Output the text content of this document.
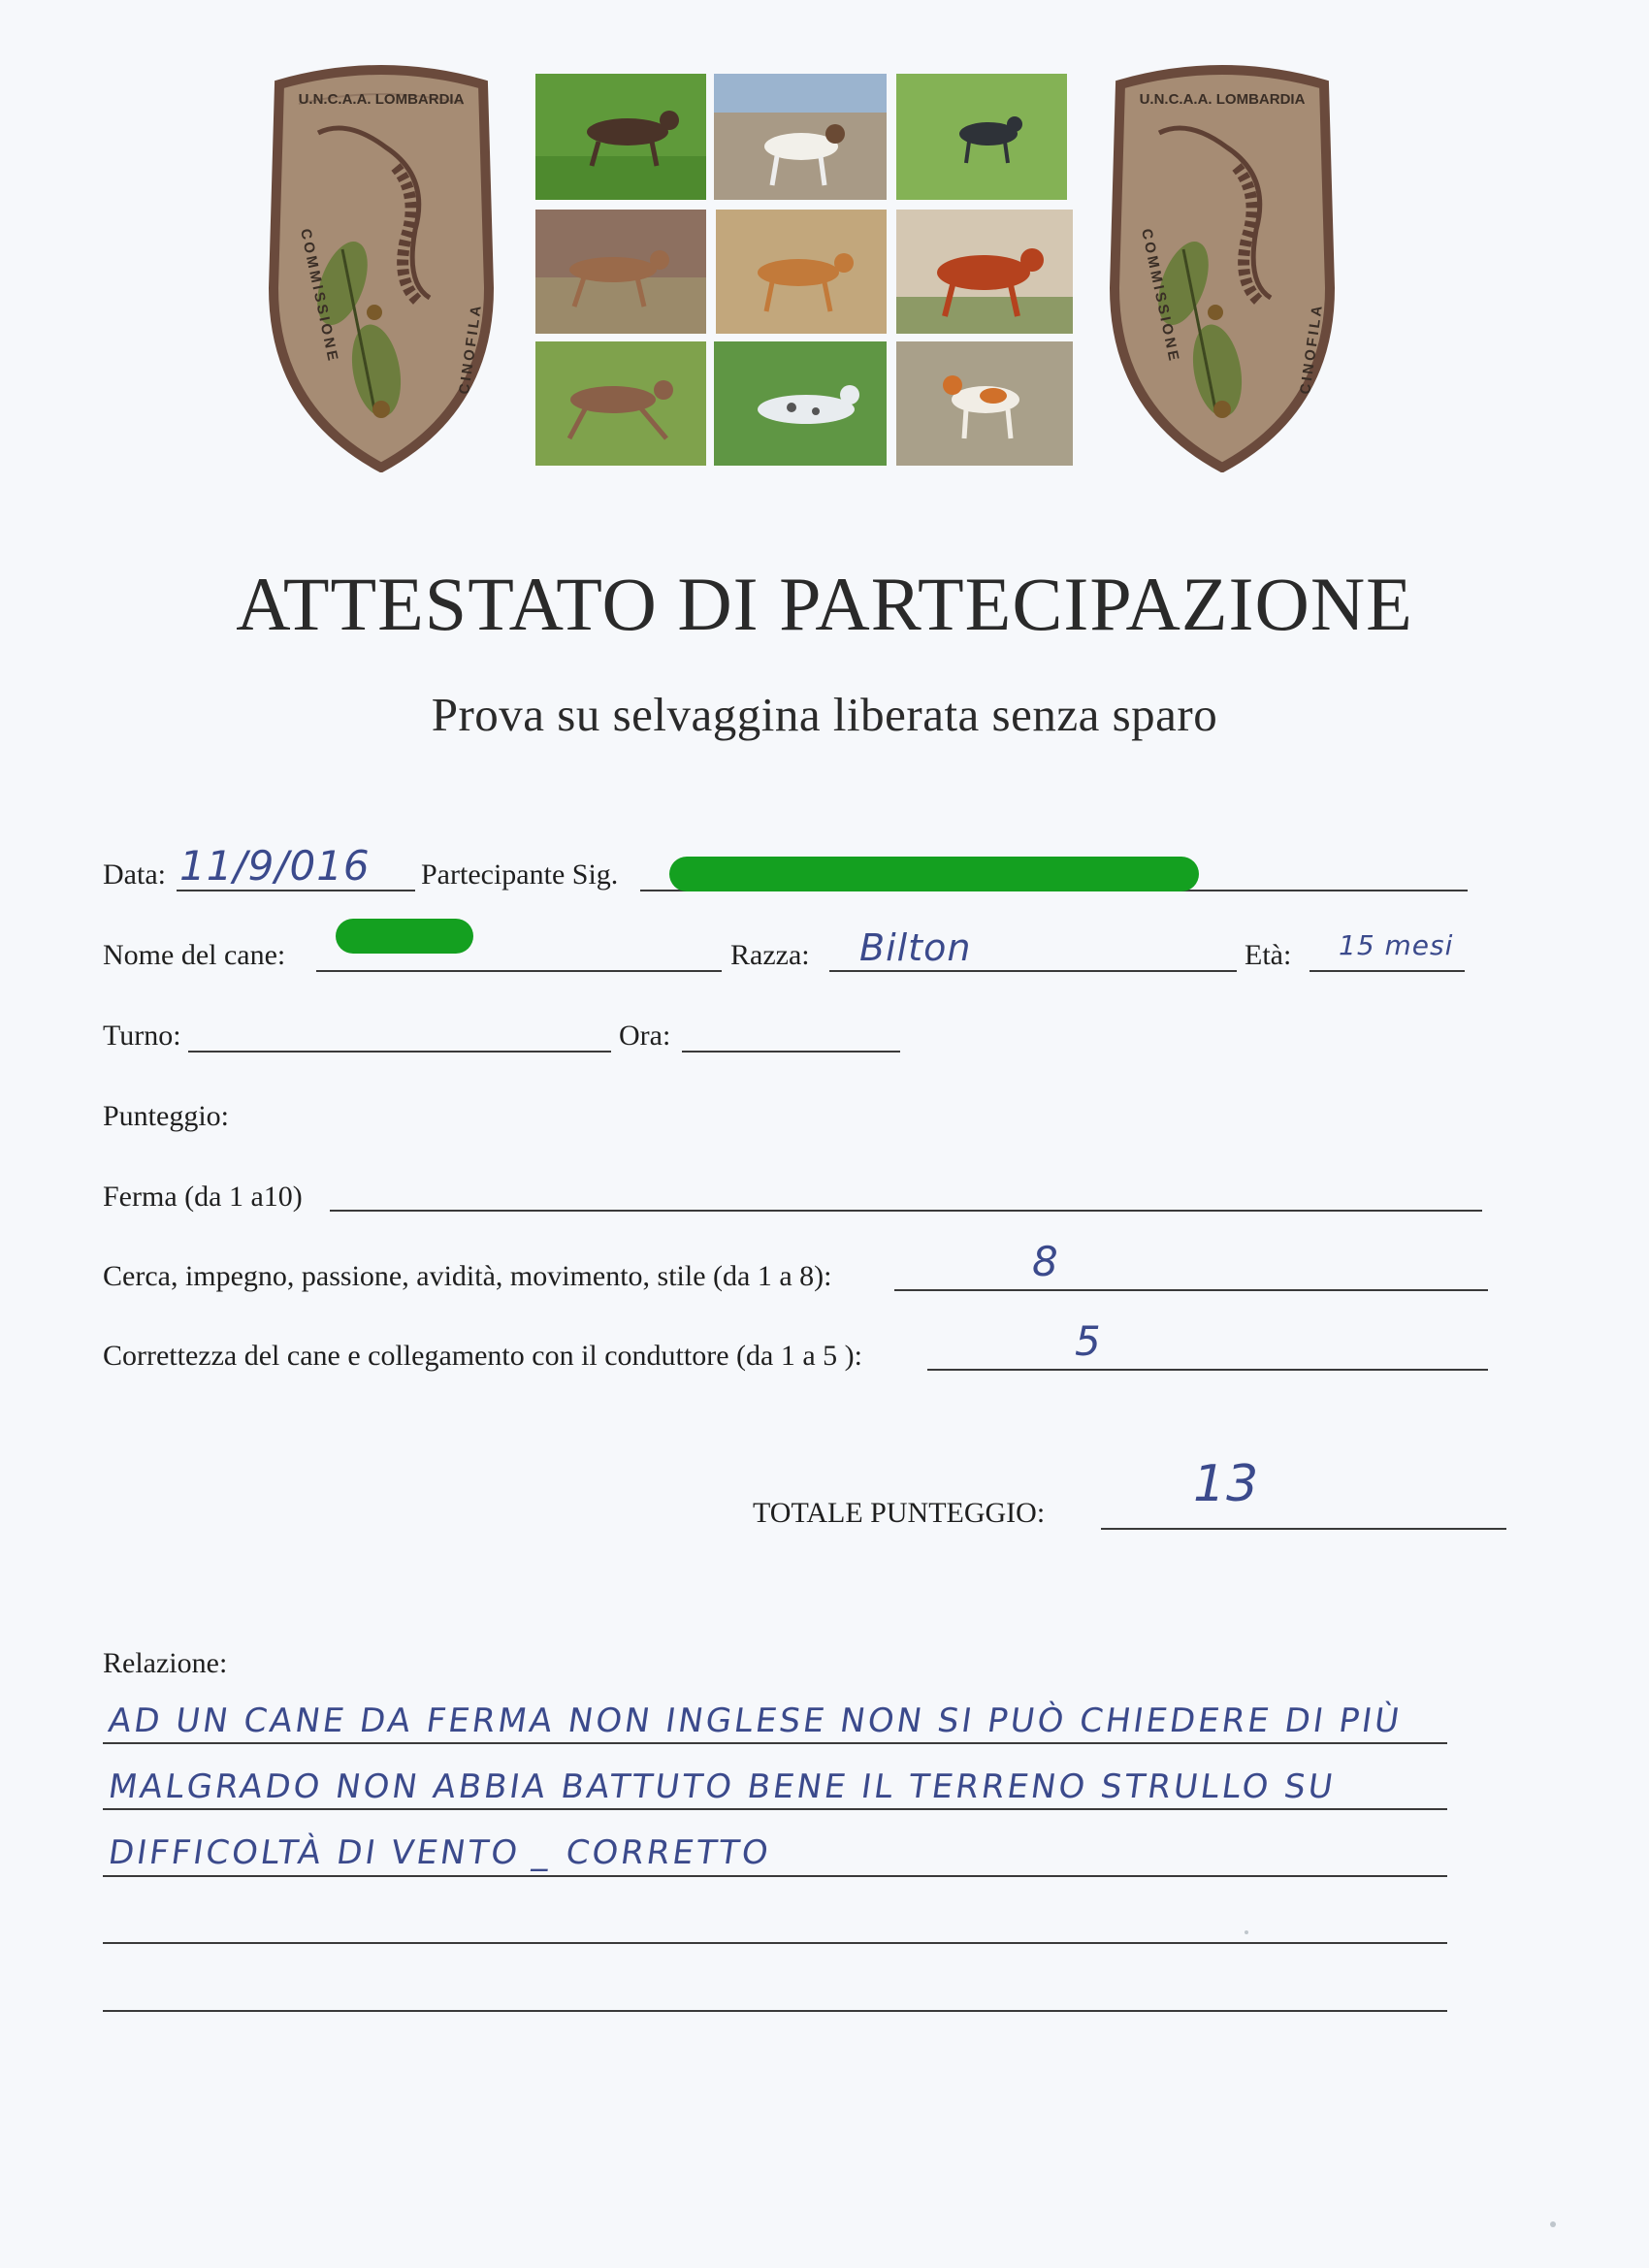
U.N.C.A.A. LOMBARDIA
COMMISSIONE	CINOFILA
U.N.C.A.A. LOMBARDIA
COMMISSIONE	CINOFILA
ATTESTATO DI PARTECIPAZIONE
Prova su selvaggina liberata senza sparo
Data: 11/9/016 Partecipante Sig.
Nome del cane:	Razza: Bilton	Età: 15 mesi
Turno:	Ora:
Punteggio:
Ferma (da 1 a10)
Cerca, impegno, passione, avidità, movimento, stile (da 1 a 8):	8
Correttezza del cane e collegamento con il conduttore (da 1 a 5 ):	5
TOTALE PUNTEGGIO:	13
Relazione:
AD UN CANE DA FERMA NON INGLESE NON SI PUÒ CHIEDERE DI PIÙ
MALGRADO NON ABBIA BATTUTO BENE IL TERRENO STRULLO SU
DIFFICOLTÀ DI VENTO _ CORRETTO
